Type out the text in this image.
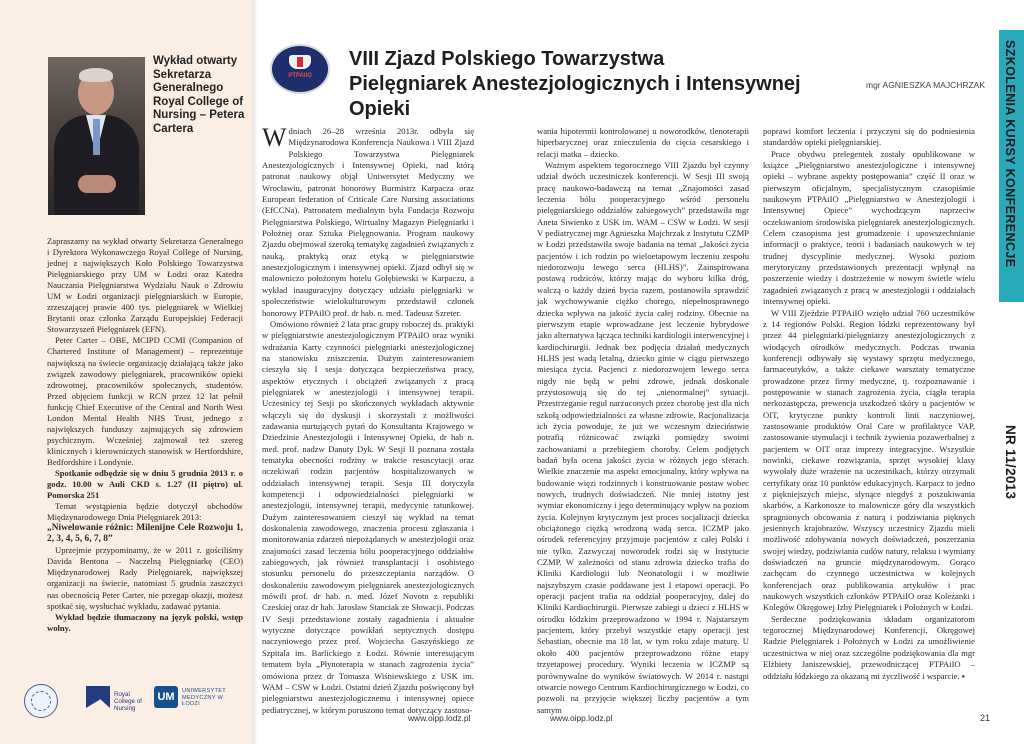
Wykład otwarty Sekretarza Generalnego Royal College of Nursing – Petera Cartera

Zapraszamy na wykład otwarty Sekretarza Generalnego i Dyrektora Wykonawczego Royal College of Nursing, jednej z największych Koło Polskiego Towarzystwa Pielęgniarskiego przy UM w Łodzi oraz Katedra Nauczania Pielęgniarstwa Wydziału Nauk o Zdrowiu UM w Łodzi organizacji pielęgniarskich w Europie, zrzeszającej prawie 400 tys. pielęgniarek w Wielkiej Brytanii oraz członka Zarządu Europejskiej Federacji Stowarzyszeń Pielęgniarek (EFN).

Peter Carter – OBE, MCIPD CCMI (Companion of Chartered Institute of Management) – reprezentuje największą na świecie organizację działającą także jako związek zawodowy pielęgniarek, pracowników opieki zdrowotnej, pracowników społecznych, studentów. Przed objęciem funkcji w RCN przez 12 lat pełnił funkcję Chief Executive of the Central and North West London Mental Health NHS Trust, jednego z największych funduszy zajmujących się zdrowiem psychicznym. Wcześniej zajmował też szereg klinicznych i kierowniczych stanowisk w Hertfordshire, Bedfordshire i Londynie.

Spotkanie odbędzie się w dniu 5 grudnia 2013 r. o godz. 10.00 w Auli CKD s. 1.27 (II piętro) ul. Pomorska 251

Temat wystąpienia będzie dotyczył obchodów Międzynarodowego Dnia Pielęgniarek 2013:

„Niwelowanie różnic: Milenijne Cele Rozwoju 1, 2, 3, 4, 5, 6, 7, 8”

Uprzejmie przypominamy, że w 2011 r. gościliśmy Davida Bentona – Naczelną Pielęgniarkę (CEO) Międzynarodowej Rady Pielęgniarek, największej organizacji na świecie, natomiast 5 grudnia zaszczyci nas obecnością Peter Carter, nie przegap okazji, możesz spotkać się, wysłuchać wykładu, zadawać pytania.

Wykład będzie tłumaczony na język polski, wstęp wolny.

Royal College of Nursing
UM	UNIWERSYTET MEDYCZNY W ŁODZI
PTPAiIO
VIII Zjazd Polskiego Towarzystwa
Pielęgniarek Anestezjologicznych i Intensywnej Opieki
mgr AGNIESZKA MAJCHRZAK

Wdniach 26–28 września 2013r. odbyła się Międzynarodowa Konferencja Naukowa i VIII Zjazd Polskiego Towarzystwa Pielęgniarek Anestezjologicznych i Intensywnej Opieki, nad którą patronat naukowy objął Uniwersytet Medyczny we Wrocławiu, patronat honorowy Burmistrz Karpacza oraz European federation of Criticale Care Nursing associations (EfCCNa). Patronatem medialnym była Fundacja Rozwoju Pielęgniarstwa Polskiego, Wirtualny Magazyn Pielęgniarki i Położnej oraz Sztuka Pielęgnowania. Program naukowy Zjazdu obejmował szeroką tematykę zagadnień związanych z nauką, praktyką oraz etyką w pielęgniarstwie anestezjologicznym i intensywnej opieki. Zjazd odbył się w malowniczo położonym hotelu Gołębiewski w Karpaczu, a wykład inauguracyjny dotyczący udziału pielęgniarki w społeczeństwie wielokulturowym przedstawił członek honorowy PTPAiIO prof. dr hab. n. med. Tadeusz Szreter.

Omówiono również 2 lata prac grupy roboczej ds. praktyki w pielęgniarstwie anestezjologicznym PTPAiIO oraz wyniki wdrażania Karty czynności pielęgniarki anestezjologicznej na stanowisku zniszczenia. Dużym zainteresowaniem cieszyła się I sesja dotycząca bezpieczeństwa pracy, aspektów etycznych i obciążeń związanych z pracą pielęgniarek w anestezjologii i intensywnej terapii. Uczestnicy tej Sesji po skończonych wykładach aktywnie włączyli się do dyskusji i skorzystali z możliwości zadawania nurtujących pytań do Konsultanta Krajowego w Dziedzinie Anestezjologii i Intensywnej Opieki, dr hab n. med. prof. nadzw Danuty Dyk. W Sesji II poznana została tematyka obecności rodziny w trakcie resuscytacji oraz oczekiwań rodzin pacjentów hospitalizowanych w oddziałach intensywnej terapii. Sesja III dotyczyła kompetencji i odpowiedzialności pielęgniarki w anestezjologii, intensywnej terapii, medycynie ratunkowej. Dużym zainteresowaniem cieszył się wykład na temat doskonalenia zawodowego, znaczenia procesu zgłaszania i monitorowania zdarzeń niepożądanych w anestezjologii oraz znajomości zasad leczenia bólu pooperacyjnego oddziałów zabiegowych, jak również transplantacji i osobistego stosunku personelu do przeszczepiania narządów. O doskonaleniu zawodowym pielęgniarek anestezjologicznych mówili prof. dr hab. n. med. Józef Novotn z republiki Czeskiej oraz dr hab. Jarosław Stanciak ze Słowacji. Podczas IV Sesji przedstawione zostały zagadnienia i aktualne wytyczne dotyczące powikłań septycznych dostępu naczyniowego przez prof. Wojciecha Gaszyńskiego ze Szpitala im. Barlickiego z Łodzi. Równie interesującym tematem była „Płynoterapia w stanach zagrożenia życia” omówiona przez dr Tomasza Wiśniewskiego z USK im. WAM – CSW w Łodzi. Ostatni dzień Zjazdu poświęcony był pielęgniarstwu anestezjologicznemu i intensywnej opiece pediatrycznej, w którym poruszono temat dotyczący zastoso-

wania hipotermii kontrolowanej u noworodków, tlenoterapii hiperbarycznej oraz znieczulenia do cięcia cesarskiego i relacji matka – dziecko.

Ważnym aspektem tegorocznego VIII Zjazdu był czynny udział dwóch uczestniczek konferencji. W Sesji III swoją pracę naukowo-badawczą na temat „Znajomości zasad leczenia bólu pooperacyjnego wśród personelu pielęgniarskiego oddziałów zabiegowych” przedstawiła mgr Aneta Siwienko z USK im. WAM – CSW w Łodzi. W sesji V pediatrycznej mgr Agnieszka Majchrzak z Instytutu CZMP w Łodzi przedstawiła swoje badania na temat „Jakości życia pacjentów i ich rodzin po wieloetapowym leczeniu zespołu niedorozwoju lewego serca (HLHS)”. Zainspirowana postawą rodziców, którzy mając do wyboru kilka dróg, walczą o każdy dzień bycia razem, postanowiła sprawdzić jak wychowywanie ciężko chorego, niepełnosprawnego dziecka wpływa na jakość życia całej rodziny. Obecnie na pierwszym etapie wprowadzane jest leczenie hybrydowe jako alternatywa łącząca techniki kardiologii interwencyjnej i kardiochirurgii. Jednak bez podjęcia działań medycznych HLHS jest wadą letalną, dziecko ginie w ciągu pierwszego miesiąca życia. Pacjenci z niedorozwojem lewego serca nigdy nie będą w pełni zdrowe, jednak doskonale przystosowują się do tej „nienormalnej” sytuacji. Przestrzeganie reguł narzuconych przez chorobę jest dla nich szkołą odpowiedzialności za własne zdrowie. Racjonalizacja ich życia powoduje, że już we wczesnym dzieciństwie potrafią różnicować związki pomiędzy swoimi zachowaniami a przebiegiem choroby. Celem podjętych badań była ocena jakości życia w różnych jego sferach. Wielkie znaczenie ma aspekt emocjonalny, który wpływa na budowanie więzi rodzinnych i konstruowanie postaw wobec nowych, trudnych doświadczeń. Nie mniej istotny jest wymiar ekonomiczny i jego determinujący wpływ na poziom życia. Kolejnym krytycznym jest proces socjalizacji dziecka obciążonego ciężką wrodzoną wadą serca. ICZMP jako ośrodek referencyjny przyjmuje pacjentów z całej Polski i nie tylko. Zazwyczaj noworodek rodzi się w Instytucie CZMP. W zależności od stanu zdrowia dziecko trafia do Kliniki Kardiologii lub Neonatologii i w możliwie najszybszym czasie poddawane jest I etapowi operacji. Po operacji pacjent trafia na oddział pooperacyjny, dalej do Kliniki Kardiochirurgii. Pierwsze zabiegi u dzieci z HLHS w ośrodku łódzkim przeprowadzono w 1994 r. Najstarszym pacjentem, który przebył wszystkie etapy operacji jest Sebastian, obecnie ma 18 lat, w tym roku zdaje maturę. U około 400 pacjentów przeprowadzono różne etapy trzyetapowej procedury. Wyniki leczenia w ICZMP są porównywalne do wyników światowych. W 2014 r. nastąpi otwarcie nowego Centrum Kardiochirurgicznego w Łodzi, co pozwoli na przyjęcie większej liczby pacjentów a tym samym

poprawi komfort leczenia i przyczyni się do podniesienia standardów opieki pielęgniarskiej.

Prace obydwu prelegentek zostały opublikowane w książce „Pielęgniarstwo anestezjologiczne i intensywnej opieki – wybrane aspekty postępowania” część II oraz w pierwszym oficjalnym, specjalistycznym czasopiśmie naukowym PTPAiIO „Pielęgniarstwo w Anestezjologii i Intensywnej Opiece” wychodzącym naprzeciw oczekiwaniom środowiska pielęgniarek anestezjologicznych. Celem czasopisma jest gromadzenie i upowszechnianie informacji o praktyce, teorii i badaniach naukowych w tej trudnej dyscyplinie medycznej. Wysoki poziom merytoryczny przedstawionych prezentacji wpłynął na poszerzenie wiedzy i dostrzeżenie w nowym świetle wielu zagadnień związanych z pracą w anestezjologii i oddziałach intensywnej opieki.

W VIII Zjeździe PTPAiIO wzięło udział 760 uczestników z 14 regionów Polski. Region łódzki reprezentowany był przez 44 pielęgniarki/pielęgniarzy anestezjologicznych z wiodących ośrodków medycznych. Podczas trwania konferencji odbywały się wystawy sprzętu medycznego, farmaceutyków, a także ciekawe warsztaty tematyczne prowadzone przez firmy medyczne, tj. rozpoznawanie i postępowanie w stanach zagrożenia życia, ciągła terapia nerkozastępcza, prewencja uszkodzeń skóry u pacjentów w OIT, krytyczne punkty kontroli linii naczyniowej, zastosowanie produktów Oral Care w profilaktyce VAP, zastosowanie stymulacji i technik żywienia pozawerbalnej z pacjentem w OIT oraz imprezy integracyjne. Wszystkie nowinki, ciekawe rozwiązania, sprzęt wysokiej klasy wywołały duże wrażenie na uczestnikach, którzy otrzymali certyfikaty oraz 10 punktów edukacyjnych. Karpacz to jedno z piękniejszych miejsc, słynące niegdyś z poszukiwania skarbów, a Karkonosze to malownicze góry dla wszystkich spragnionych obcowania z naturą i podziwiania pięknych jesiennych krajobrazów. Wszyscy uczestnicy Zjazdu mieli możliwość zdobywania nowych doświadczeń, poszerzania swojej wiedzy, podziwiania cudów natury, relaksu i wymiany doświadczeń na gruncie międzynarodowym. Gorąco zachęcam do czynnego uczestnictwa w kolejnych konferencjach oraz publikowania artykułów i prac naukowych wszystkich członków PTPAiIO oraz Koleżanki i Kolegów Okręgowej Izby Pielęgniarek i Położnych w Łodzi.

Serdeczne podziękowania składam organizatorom tegorocznej Międzynarodowej Konferencji, Okręgowej Radzie Pielęgniarek i Położnych w Łodzi za umożliwienie uczestnictwa w niej oraz szczególne podziękowania dla mgr Elżbiety Janiszewskiej, przewodniczącej PTPAiIO – oddziału łódzkiego za okazaną mi życzliwość i wsparcie. ▪

SZKOLENIA KURSY KONFERENCJE
NR 11/2013
www.oipp.lodz.pl	www.oipp.lodz.pl	21
